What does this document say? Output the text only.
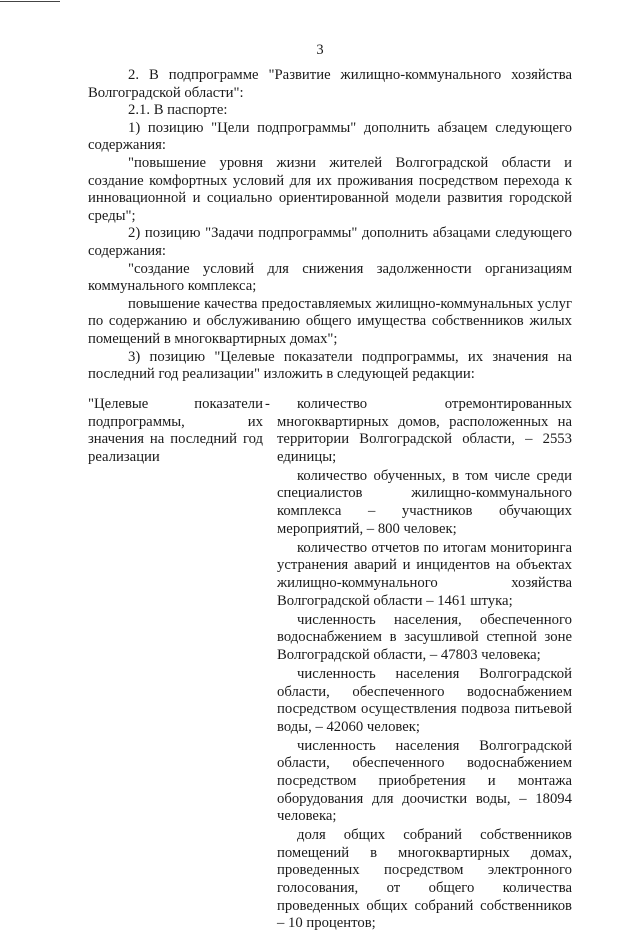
3

2. В подпрограмме "Развитие жилищно-коммунального хозяйства Волгоградской области":

2.1. В паспорте:

1) позицию "Цели подпрограммы" дополнить абзацем следующего содержания:

"повышение уровня жизни жителей Волгоградской области и создание комфортных условий для их проживания посредством перехода к инновационной и социально ориентированной модели развития городской среды";

2) позицию "Задачи подпрограммы" дополнить абзацами следующего содержания:

"создание условий для снижения задолженности организациям коммунального комплекса;

повышение качества предоставляемых жилищно-коммунальных услуг по содержанию и обслуживанию общего имущества собственников жилых помещений в многоквартирных домах";

3) позицию "Целевые показатели подпрограммы, их значения на последний год реализации" изложить в следующей редакции:

"Целевые показатели подпрограммы, их значения на последний год реализации

количество отремонтированных многоквартирных домов, расположенных на территории Волгоградской области, – 2553 единицы;

количество обученных, в том числе среди специалистов жилищно-коммунального комплекса – участников обучающих мероприятий, – 800 человек;

количество отчетов по итогам мониторинга устранения аварий и инцидентов на объектах жилищно-коммунального хозяйства Волгоградской области – 1461 штука;

численность населения, обеспеченного водоснабжением в засушливой степной зоне Волгоградской области, – 47803 человека;

численность населения Волгоградской области, обеспеченного водоснабжением посредством осуществления подвоза питьевой воды, – 42060 человек;

численность населения Волгоградской области, обеспеченного водоснабжением посредством приобретения и монтажа оборудования для доочистки воды, – 18094 человека;

доля общих собраний собственников помещений в многоквартирных домах, проведенных посредством электронного голосования, от общего количества проведенных общих собраний собственников – 10 процентов;

-
